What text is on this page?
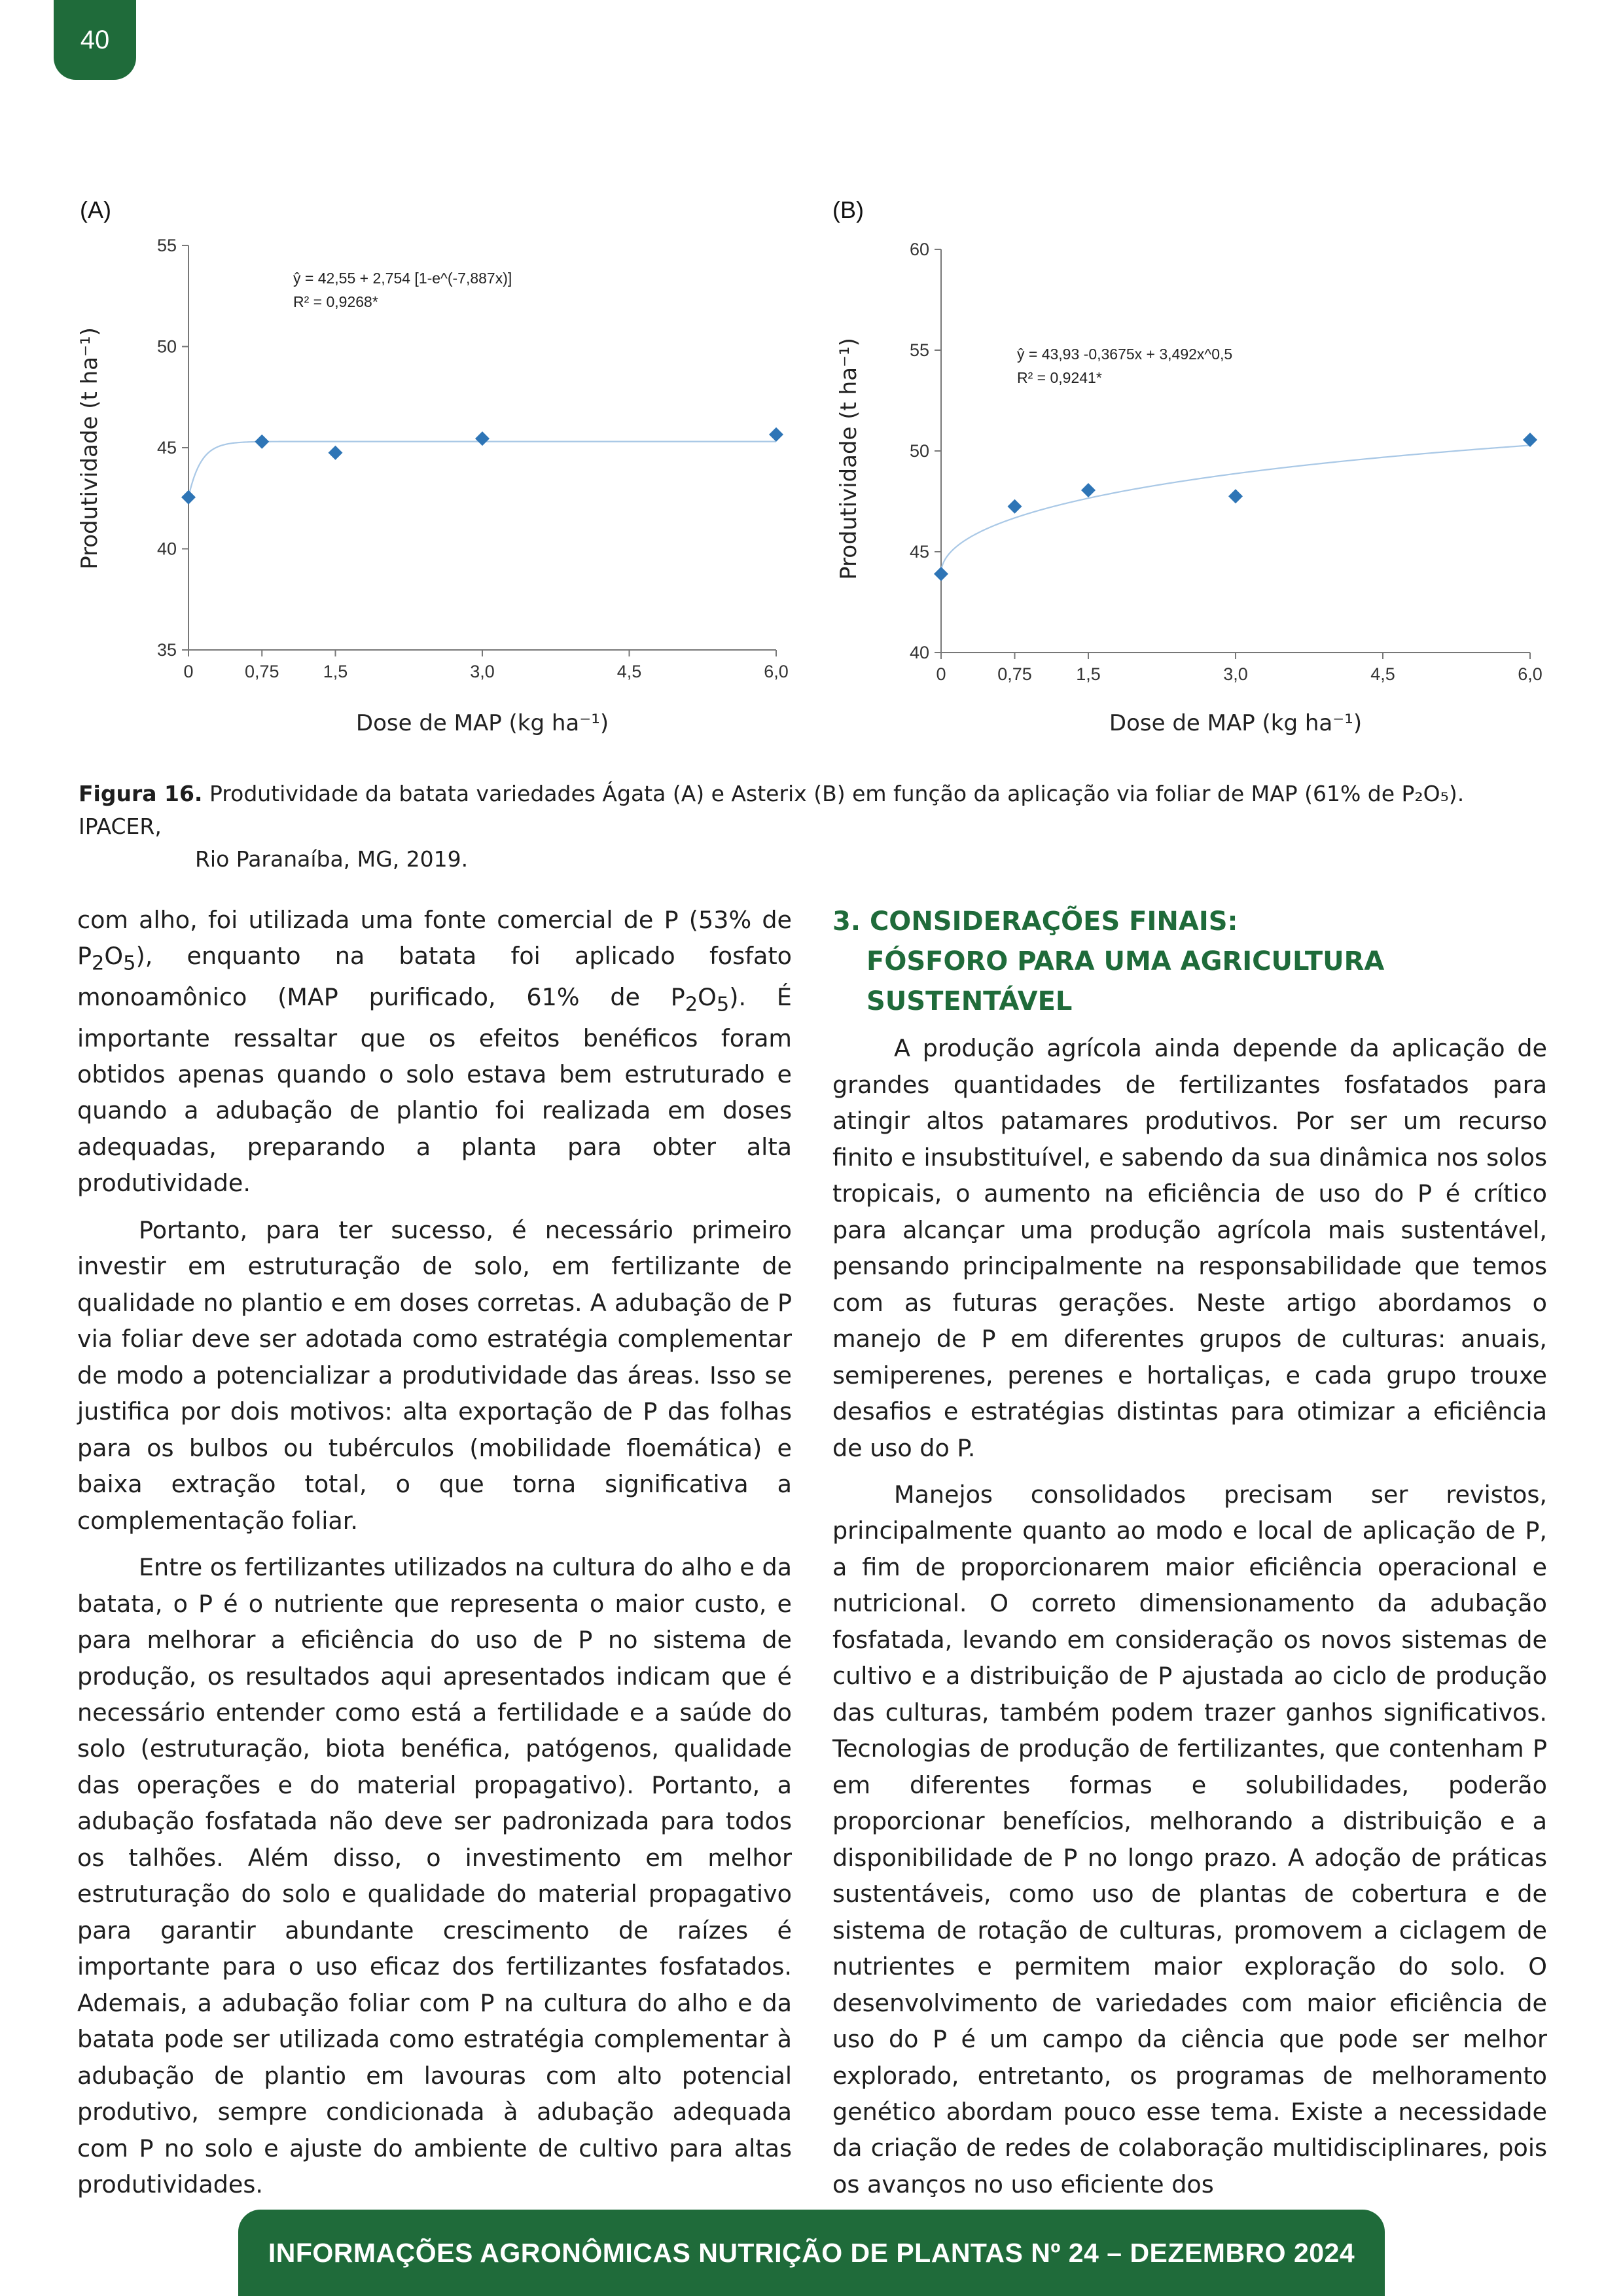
40
(A)
35
40
45
50
55
0	0,75 1,5	3,0	4,5	6,0
ŷ = 42,55 + 2,754 [1-e^(-7,887x)]
R² = 0,9268*
Produtividade (t ha⁻¹)
Dose de MAP (kg ha⁻¹)
(B)
40
45
50
55
60
0	0,75 1,5	3,0	4,5	6,0
ŷ = 43,93 -0,3675x + 3,492x^0,5
R² = 0,9241*
Produtividade (t ha⁻¹)
Dose de MAP (kg ha⁻¹)
Figura 16. Produtividade da batata variedades Ágata (A) e Asterix (B) em função da aplicação via foliar de MAP (61% de P₂O₅). IPACER,
Rio Paranaíba, MG, 2019.

com alho, foi utilizada uma fonte comercial de P (53% de $P_2O_5$), enquanto na batata foi aplicado fosfato monoamônico (MAP purificado, 61% de $P_2O_5$). É importante ressaltar que os efeitos benéficos foram obtidos apenas quando o solo estava bem estruturado e quando a adubação de plantio foi realizada em doses adequadas, preparando a planta para obter alta produtividade.

Portanto, para ter sucesso, é necessário primeiro investir em estruturação de solo, em fertilizante de qualidade no plantio e em doses corretas. A adubação de P via foliar deve ser adotada como estratégia complementar de modo a potencializar a produtividade das áreas. Isso se justifica por dois motivos: alta exportação de P das folhas para os bulbos ou tubérculos (mobilidade floemática) e baixa extração total, o que torna significativa a complementação foliar.

Entre os fertilizantes utilizados na cultura do alho e da batata, o P é o nutriente que representa o maior custo, e para melhorar a eficiência do uso de P no sistema de produção, os resultados aqui apresentados indicam que é necessário entender como está a fertilidade e a saúde do solo (estruturação, biota benéfica, patógenos, qualidade das operações e do material propagativo). Portanto, a adubação fosfatada não deve ser padronizada para todos os talhões. Além disso, o investimento em melhor estruturação do solo e qualidade do material propagativo para garantir abundante crescimento de raízes é importante para o uso eficaz dos fertilizantes fosfatados. Ademais, a adubação foliar com P na cultura do alho e da batata pode ser utilizada como estratégia complementar à adubação de plantio em lavouras com alto potencial produtivo, sempre condicionada à adubação adequada com P no solo e ajuste do ambiente de cultivo para altas produtividades.

3. CONSIDERAÇÕES FINAIS:
FÓSFORO PARA UMA AGRICULTURA
SUSTENTÁVEL

A produção agrícola ainda depende da aplicação de grandes quantidades de fertilizantes fosfatados para atingir altos patamares produtivos. Por ser um recurso finito e insubstituível, e sabendo da sua dinâmica nos solos tropicais, o aumento na eficiência de uso do P é crítico para alcançar uma produção agrícola mais sustentável, pensando principalmente na responsabilidade que temos com as futuras gerações. Neste artigo abordamos o manejo de P em diferentes grupos de culturas: anuais, semiperenes, perenes e hortaliças, e cada grupo trouxe desafios e estratégias distintas para otimizar a eficiência de uso do P.

Manejos consolidados precisam ser revistos, principalmente quanto ao modo e local de aplicação de P, a fim de proporcionarem maior eficiência operacional e nutricional. O correto dimensionamento da adubação fosfatada, levando em consideração os novos sistemas de cultivo e a distribuição de P ajustada ao ciclo de produção das culturas, também podem trazer ganhos significativos. Tecnologias de produção de fertilizantes, que contenham P em diferentes formas e solubilidades, poderão proporcionar benefícios, melhorando a distribuição e a disponibilidade de P no longo prazo. A adoção de práticas sustentáveis, como uso de plantas de cobertura e de sistema de rotação de culturas, promovem a ciclagem de nutrientes e permitem maior exploração do solo. O desenvolvimento de variedades com maior eficiência de uso do P é um campo da ciência que pode ser melhor explorado, entretanto, os programas de melhoramento genético abordam pouco esse tema. Existe a necessidade da criação de redes de colaboração multidisciplinares, pois os avanços no uso eficiente dos

INFORMAÇÕES AGRONÔMICAS NUTRIÇÃO DE PLANTAS Nº 24 – DEZEMBRO 2024
